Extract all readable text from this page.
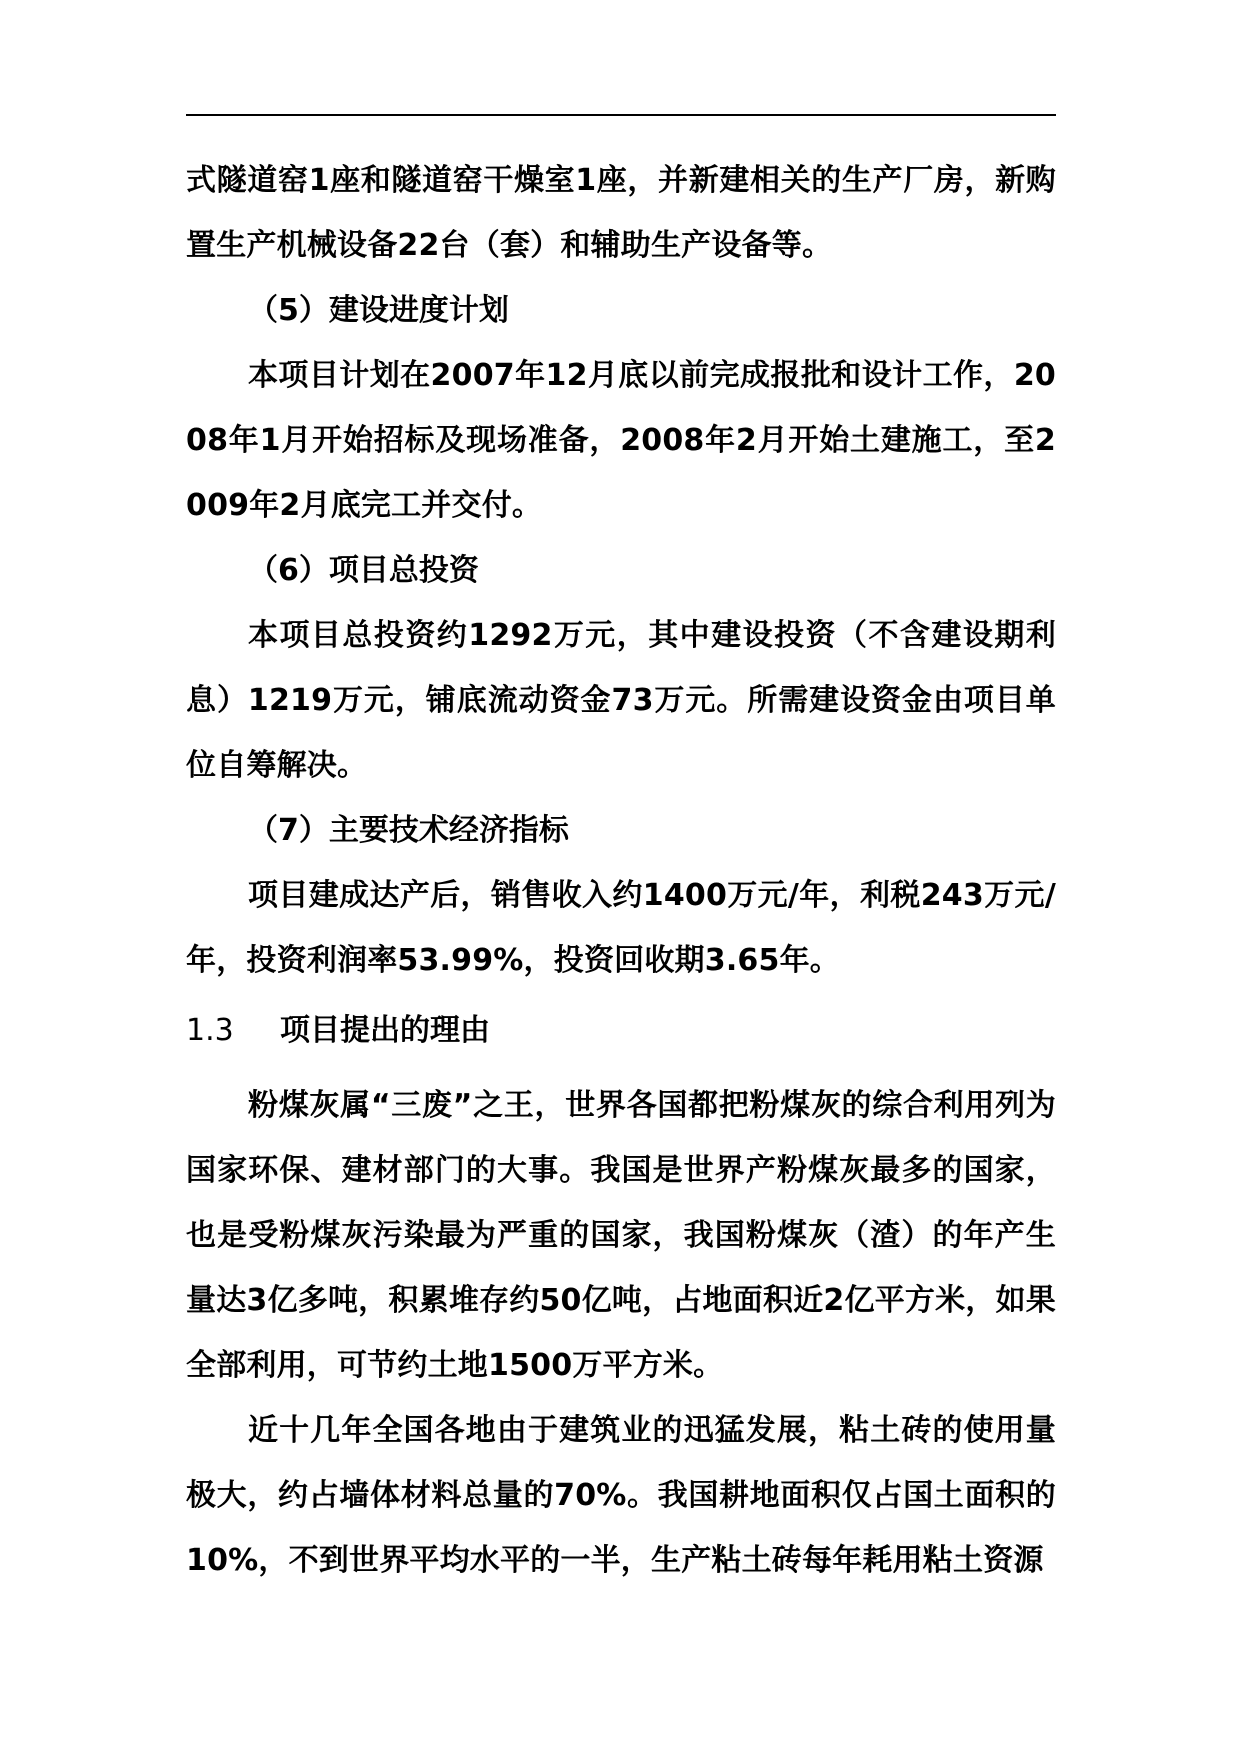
式隧道窑1座和隧道窑干燥室1座，并新建相关的生产厂房，新购置生产机械设备22台（套）和辅助生产设备等。

（5）建设进度计划

本项目计划在2007年12月底以前完成报批和设计工作，2008年1月开始招标及现场准备，2008年2月开始土建施工，至2009年2月底完工并交付。

（6）项目总投资

本项目总投资约1292万元，其中建设投资（不含建设期利息）1219万元，铺底流动资金73万元。所需建设资金由项目单位自筹解决。

（7）主要技术经济指标

项目建成达产后，销售收入约1400万元/年，利税243万元/年，投资利润率53.99%，投资回收期3.65年。

1.3	项目提出的理由

粉煤灰属“三废”之王，世界各国都把粉煤灰的综合利用列为国家环保、建材部门的大事。我国是世界产粉煤灰最多的国家，也是受粉煤灰污染最为严重的国家，我国粉煤灰（渣）的年产生量达3亿多吨，积累堆存约50亿吨，占地面积近2亿平方米，如果全部利用，可节约土地1500万平方米。

近十几年全国各地由于建筑业的迅猛发展，粘土砖的使用量极大，约占墙体材料总量的70%。我国耕地面积仅占国土面积的10%，不到世界平均水平的一半，生产粘土砖每年耗用粘土资源
